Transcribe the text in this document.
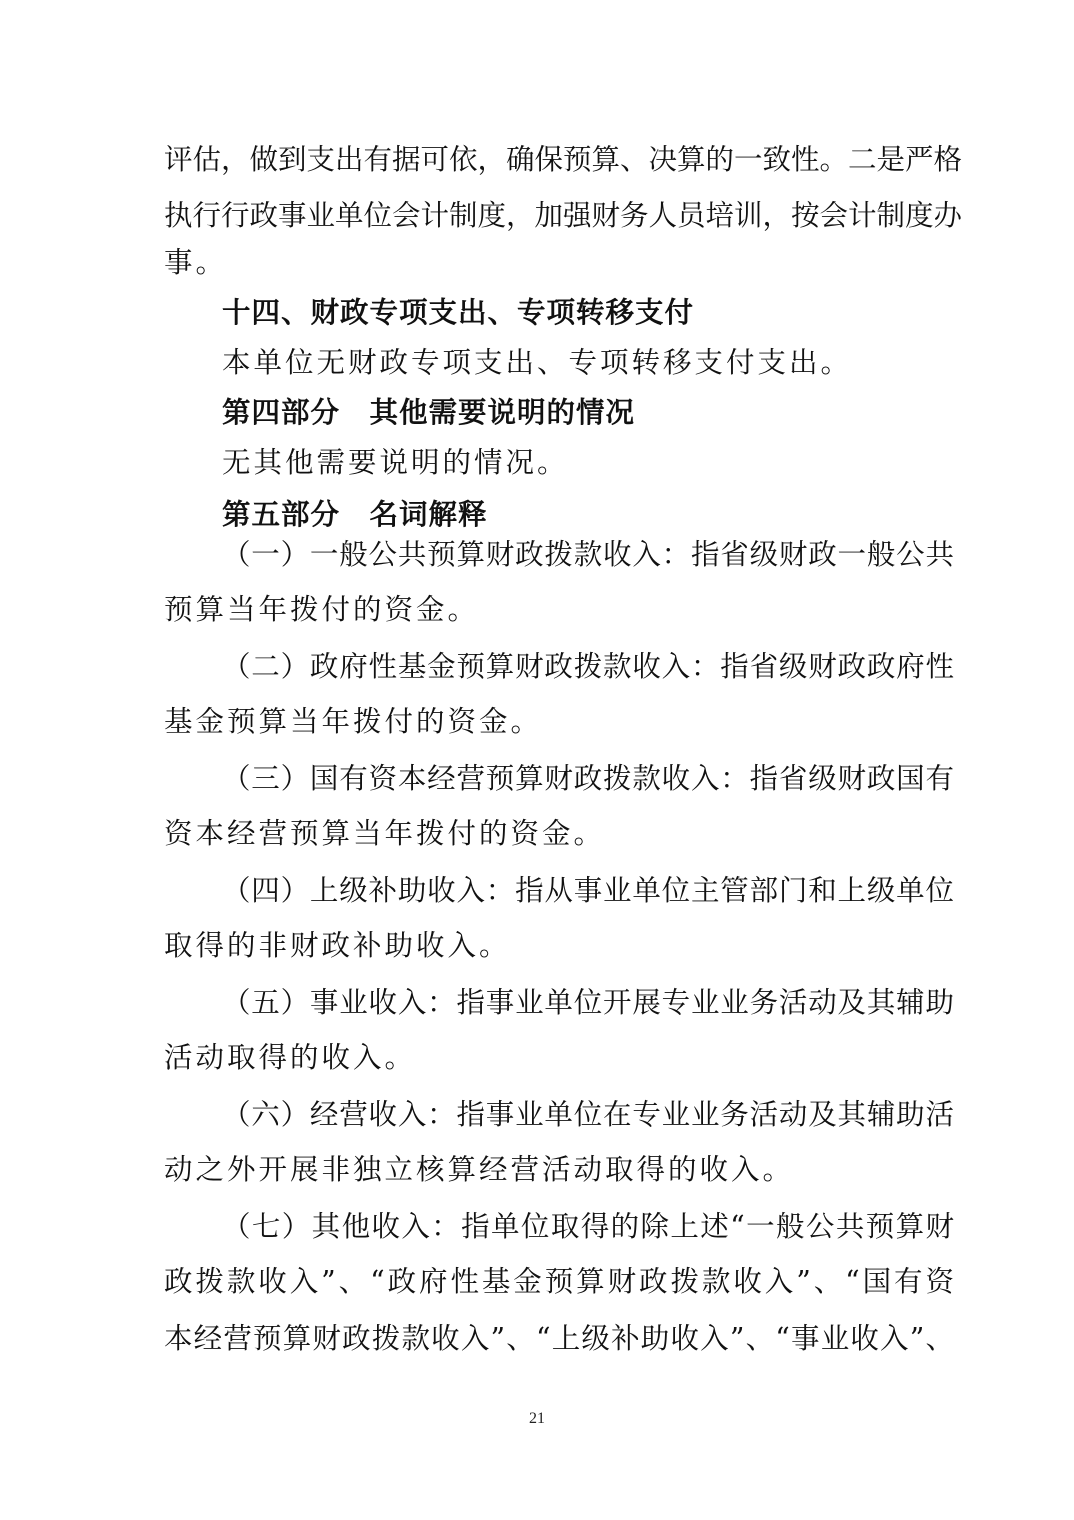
评估，做到支出有据可依，确保预算、决算的一致性。二是严格
执行行政事业单位会计制度，加强财务人员培训，按会计制度办
事。
十四、财政专项支出、专项转移支付
本单位无财政专项支出、专项转移支付支出。
第四部分　其他需要说明的情况
无其他需要说明的情况。
第五部分　名词解释
（一）一般公共预算财政拨款收入：指省级财政一般公共
预算当年拨付的资金。
（二）政府性基金预算财政拨款收入：指省级财政政府性
基金预算当年拨付的资金。
（三）国有资本经营预算财政拨款收入：指省级财政国有
资本经营预算当年拨付的资金。
（四）上级补助收入：指从事业单位主管部门和上级单位
取得的非财政补助收入。
（五）事业收入：指事业单位开展专业业务活动及其辅助
活动取得的收入。
（六）经营收入：指事业单位在专业业务活动及其辅助活
动之外开展非独立核算经营活动取得的收入。
（七）其他收入：指单位取得的除上述“一般公共预算财
政拨款收入”、“政府性基金预算财政拨款收入”、“国有资
本经营预算财政拨款收入”、“上级补助收入”、“事业收入”、
21
